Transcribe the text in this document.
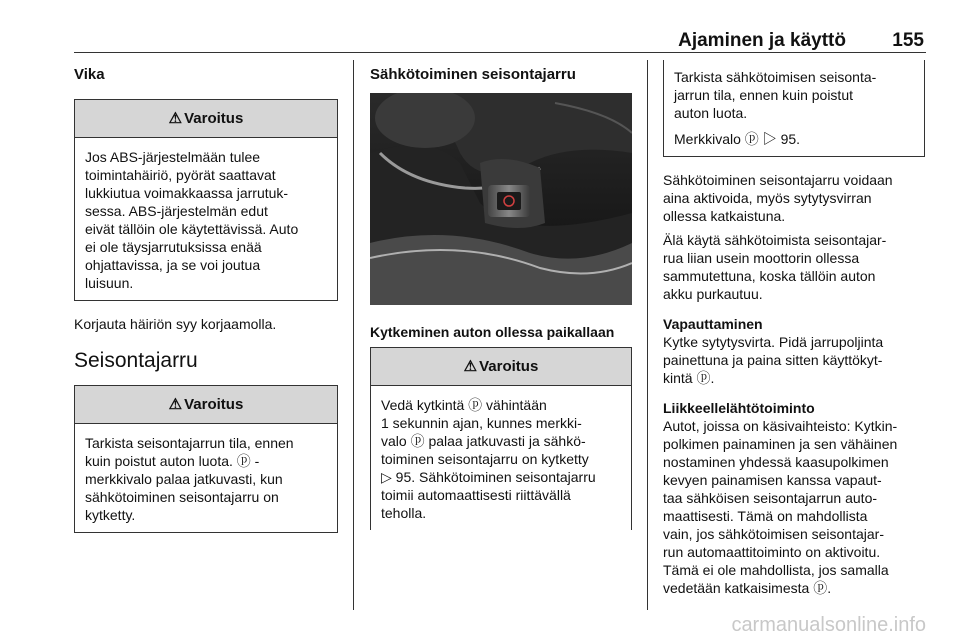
Ajaminen ja käyttö 155
Vika
⚠ Varoitus

Jos ABS-järjestelmään tulee
toimintahäiriö, pyörät saattavat
lukkiutua voimakkaassa jarrutuk-
sessa. ABS-järjestelmän edut
eivät tällöin ole käytettävissä. Auto
ei ole täysjarrutuksissa enää
ohjattavissa, ja se voi joutua
luisuun.

Korjauta häiriön syy korjaamolla.

Seisontajarru
⚠ Varoitus

Tarkista seisontajarrun tila, ennen
kuin poistut auton luota. ⓟ -
merkkivalo palaa jatkuvasti, kun
sähkötoiminen seisontajarru on
kytketty.

Sähkötoiminen seisontajarru
Kytkeminen auton ollessa paikallaan
⚠ Varoitus

Vedä kytkintä ⓟ vähintään
1 sekunnin ajan, kunnes merkki-
valo ⓟ palaa jatkuvasti ja sähkö-
toiminen seisontajarru on kytketty
▷ 95. Sähkötoiminen seisontajarru
toimii automaattisesti riittävällä
teholla.

Tarkista sähkötoimisen seisonta-
jarrun tila, ennen kuin poistut
auton luota.

Merkkivalo ⓟ ▷ 95.

Sähkötoiminen seisontajarru voidaan
aina aktivoida, myös sytytysvirran
ollessa katkaistuna.

Älä käytä sähkötoimista seisontajar-
rua liian usein moottorin ollessa
sammutettuna, koska tällöin auton
akku purkautuu.

Vapauttaminen

Kytke sytytysvirta. Pidä jarrupoljinta
painettuna ja paina sitten käyttökyt-
kintä ⓟ.

Liikkeellelähtötoiminto

Autot, joissa on käsivaihteisto: Kytkin-
polkimen painaminen ja sen vähäinen
nostaminen yhdessä kaasupolkimen
kevyen painamisen kanssa vapaut-
taa sähköisen seisontajarrun auto-
maattisesti. Tämä on mahdollista
vain, jos sähkötoimisen seisontajar-
run automaattitoiminto on aktivoitu.
Tämä ei ole mahdollista, jos samalla
vedetään katkaisimesta ⓟ.

carmanualsonline.info
